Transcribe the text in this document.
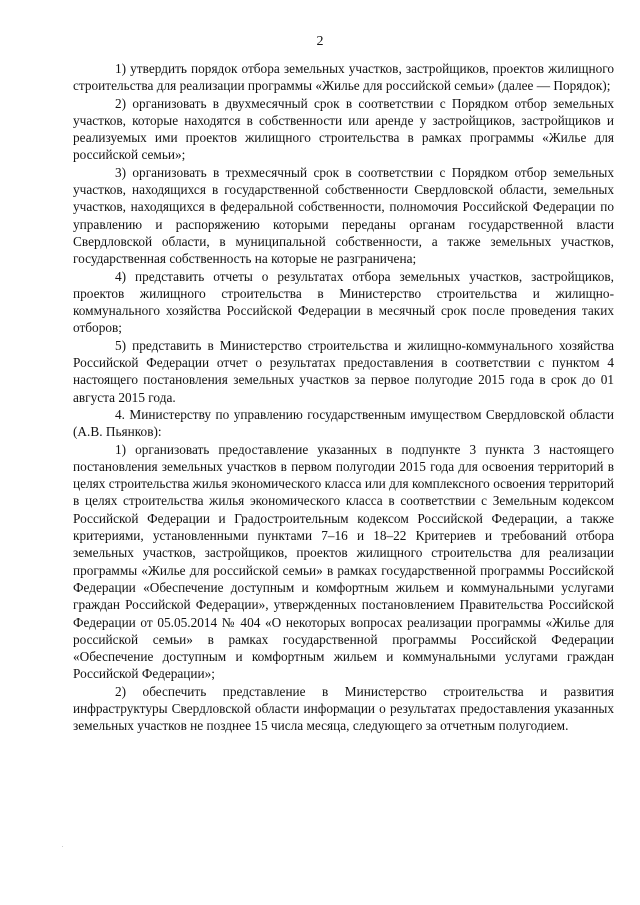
2

1) утвердить порядок отбора земельных участков, застройщиков, проектов жилищного строительства для реализации программы «Жилье для российской семьи» (далее — Порядок);

2) организовать в двухмесячный срок в соответствии с Порядком отбор земельных участков, которые находятся в собственности или аренде у застройщиков, застройщиков и реализуемых ими проектов жилищного строительства в рамках программы «Жилье для российской семьи»;

3) организовать в трехмесячный срок в соответствии с Порядком отбор земельных участков, находящихся в государственной собственности Свердловской области, земельных участков, находящихся в федеральной собственности, полномочия Российской Федерации по управлению и распоряжению которыми переданы органам государственной власти Свердловской области, в муниципальной собственности, а также земельных участков, государственная собственность на которые не разграничена;

4) представить отчеты о результатах отбора земельных участков, застройщиков, проектов жилищного строительства в Министерство строительства и жилищно-коммунального хозяйства Российской Федерации в месячный срок после проведения таких отборов;

5) представить в Министерство строительства и жилищно-коммунального хозяйства Российской Федерации отчет о результатах предоставления в соответствии с пунктом 4 настоящего постановления земельных участков за первое полугодие 2015 года в срок до 01 августа 2015 года.

4. Министерству по управлению государственным имуществом Свердловской области (А.В. Пьянков):

1) организовать предоставление указанных в подпункте 3 пункта 3 настоящего постановления земельных участков в первом полугодии 2015 года для освоения территорий в целях строительства жилья экономического класса или для комплексного освоения территорий в целях строительства жилья экономического класса в соответствии с Земельным кодексом Российской Федерации и Градостроительным кодексом Российской Федерации, а также критериями, установленными пунктами 7–16 и 18–22 Критериев и требований отбора земельных участков, застройщиков, проектов жилищного строительства для реализации программы «Жилье для российской семьи» в рамках государственной программы Российской Федерации «Обеспечение доступным и комфортным жильем и коммунальными услугами граждан Российской Федерации», утвержденных постановлением Правительства Российской Федерации от 05.05.2014 № 404 «О некоторых вопросах реализации программы «Жилье для российской семьи» в рамках государственной программы Российской Федерации «Обеспечение доступным и комфортным жильем и коммунальными услугами граждан Российской Федерации»;

2) обеспечить представление в Министерство строительства и развития инфраструктуры Свердловской области информации о результатах предоставления указанных земельных участков не позднее 15 числа месяца, следующего за отчетным полугодием.
